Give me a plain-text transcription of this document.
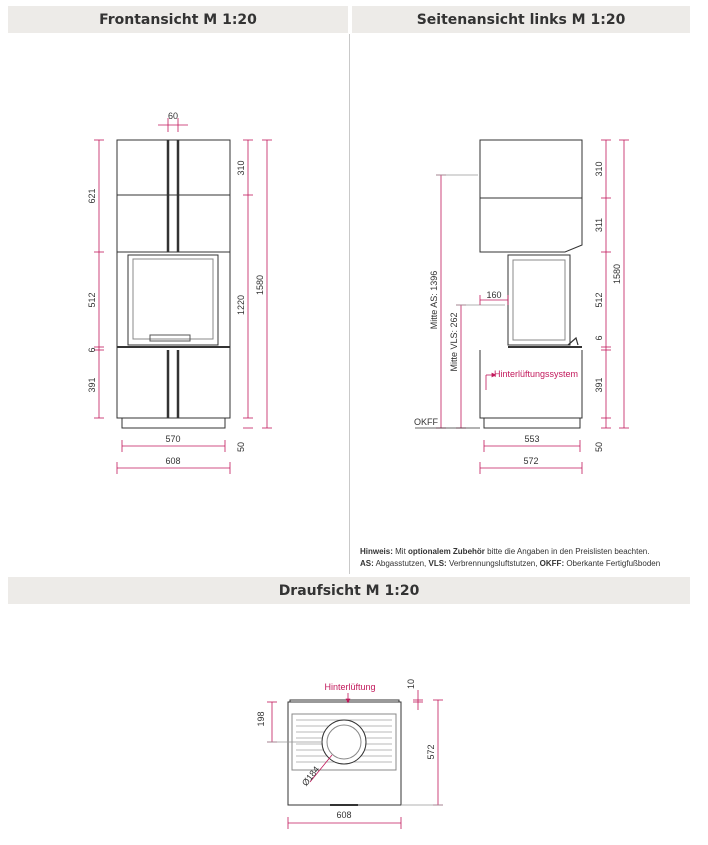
Frontansicht M 1:20	Seitenansicht links M 1:20
60
621
512
6
391
310
1220
50
1580
570
608
310
311
512
6
391
50
1580
Mitte AS: 1396
Mitte VLS: 262
160
Hinterlüftungssystem
OKFF
553
572
Hinterlüftung	10
198
572
Ø184
608
Hinweis: Mit optionalem Zubehör bitte die Angaben in den Preislisten beachten.
AS: Abgasstutzen, VLS: Verbrennungsluftstutzen, OKFF: Oberkante Fertigfußboden
Draufsicht M 1:20
